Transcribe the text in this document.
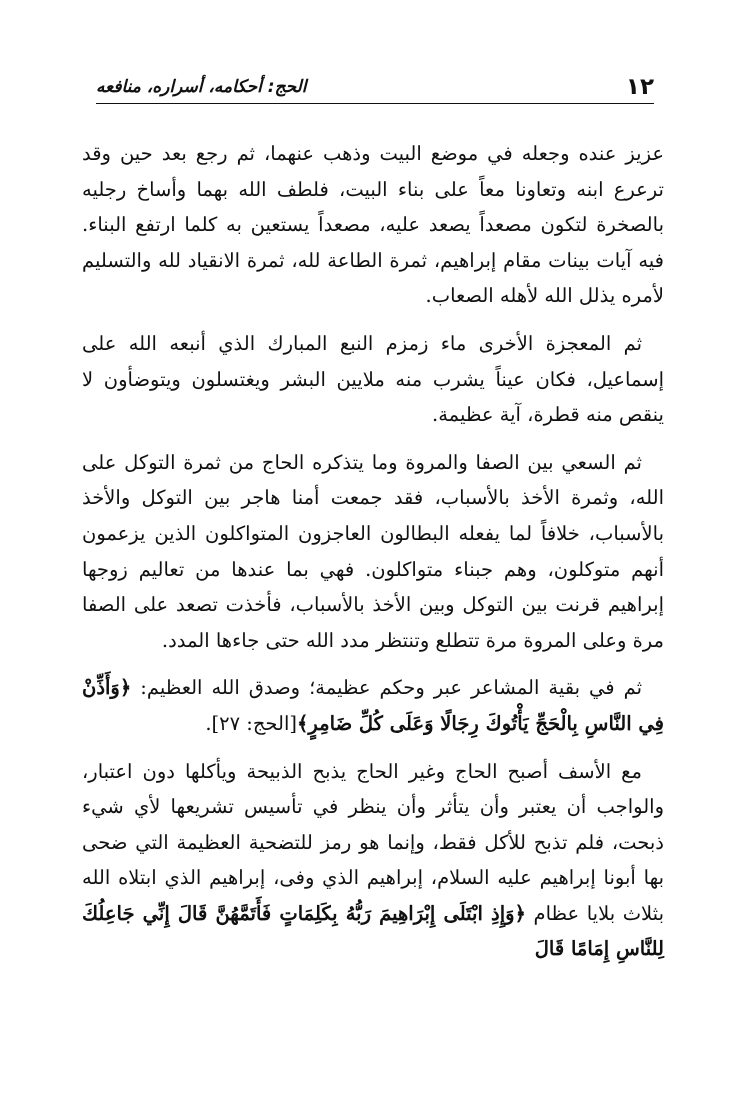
١٢
الحج: أحكامه، أسراره، منافعه

عزيز عنده وجعله في موضع البيت وذهب عنهما، ثم رجع بعد حين وقد ترعرع ابنه وتعاونا معاً على بناء البيت، فلطف الله بهما وأساخ رجليه بالصخرة لتكون مصعداً يصعد عليه، مصعداً يستعين به كلما ارتفع البناء. فيه آيات بينات مقام إبراهيم، ثمرة الطاعة لله، ثمرة الانقياد لله والتسليم لأمره يذلل الله لأهله الصعاب.

ثم المعجزة الأخرى ماء زمزم النبع المبارك الذي أنبعه الله على إسماعيل، فكان عيناً يشرب منه ملايين البشر ويغتسلون ويتوضأون لا ينقص منه قطرة، آية عظيمة.

ثم السعي بين الصفا والمروة وما يتذكره الحاج من ثمرة التوكل على الله، وثمرة الأخذ بالأسباب، فقد جمعت أمنا هاجر بين التوكل والأخذ بالأسباب، خلافاً لما يفعله البطالون العاجزون المتواكلون الذين يزعمون أنهم متوكلون، وهم جبناء متواكلون. فهي بما عندها من تعاليم زوجها إبراهيم قرنت بين التوكل وبين الأخذ بالأسباب، فأخذت تصعد على الصفا مرة وعلى المروة مرة تتطلع وتنتظر مدد الله حتى جاءها المدد.

ثم في بقية المشاعر عبر وحكم عظيمة؛ وصدق الله العظيم: ﴿وَأَذِّنْ فِي النَّاسِ بِالْحَجِّ يَأْتُوكَ رِجَالًا وَعَلَى كُلِّ ضَامِرٍ﴾[الحج: ٢٧].

مع الأسف أصبح الحاج وغير الحاج يذبح الذبيحة ويأكلها دون اعتبار، والواجب أن يعتبر وأن يتأثر وأن ينظر في تأسيس تشريعها لأي شيء ذبحت، فلم تذبح للأكل فقط، وإنما هو رمز للتضحية العظيمة التي ضحى بها أبونا إبراهيم عليه السلام، إبراهيم الذي وفى، إبراهيم الذي ابتلاه الله بثلاث بلايا عظام ﴿وَإِذِ ابْتَلَى إِبْرَاهِيمَ رَبُّهُ بِكَلِمَاتٍ فَأَتَمَّهُنَّ قَالَ إِنِّي جَاعِلُكَ لِلنَّاسِ إِمَامًا قَالَ
